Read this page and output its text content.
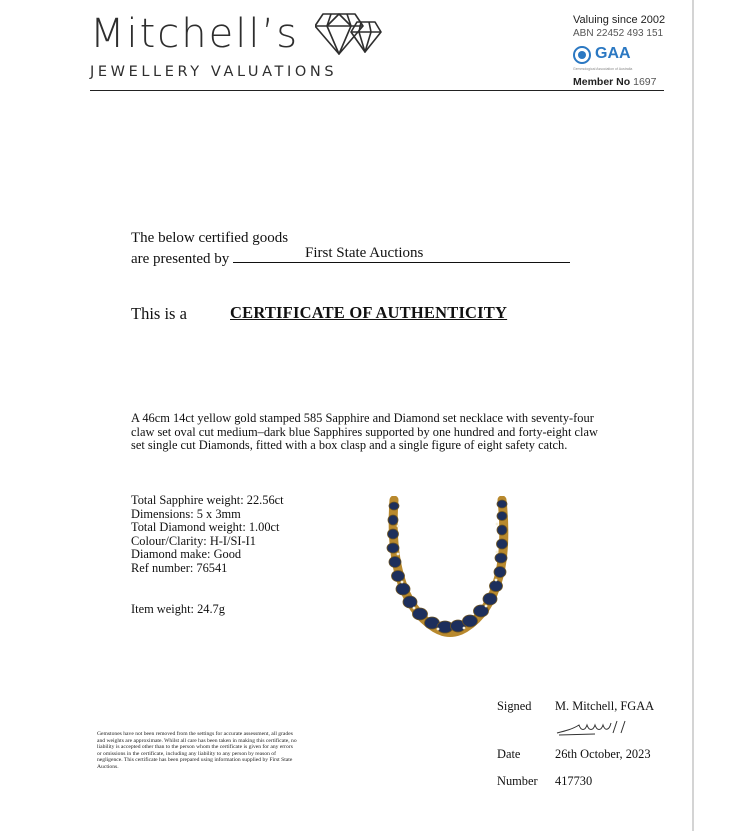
Mitchell’s
JEWELLERY VALUATIONS
Valuing since 2002
ABN 22452 493 151
GAA
Gemmological Association of Australia
Member No 1697
The below certified goods
are presented by	First State Auctions
This is a	CERTIFICATE OF AUTHENTICITY
A 46cm 14ct yellow gold stamped 585 Sapphire and Diamond set necklace with seventy-four claw set oval cut medium–dark blue Sapphires supported by one hundred and forty-eight claw set single cut Diamonds, fitted with a box clasp and a single figure of eight safety catch.
Total Sapphire weight: 22.56ct
Dimensions: 5 x 3mm
Total Diamond weight: 1.00ct
Colour/Clarity: H-I/SI-I1
Diamond make: Good
Ref number: 76541
Item weight: 24.7g
Gemstones have not been removed from the settings for accurate assessment, all grades and weights are approximate. Whilst all care has been taken in making this certificate, no liability is accepted other than to the person whom the certificate is given for any errors or omissions in the certificate, including any liability to any person by reason of negligence. This certificate has been prepared using information supplied by First State Auctions.
Signed M. Mitchell, FGAA
Date	26th October, 2023
Number 417730
